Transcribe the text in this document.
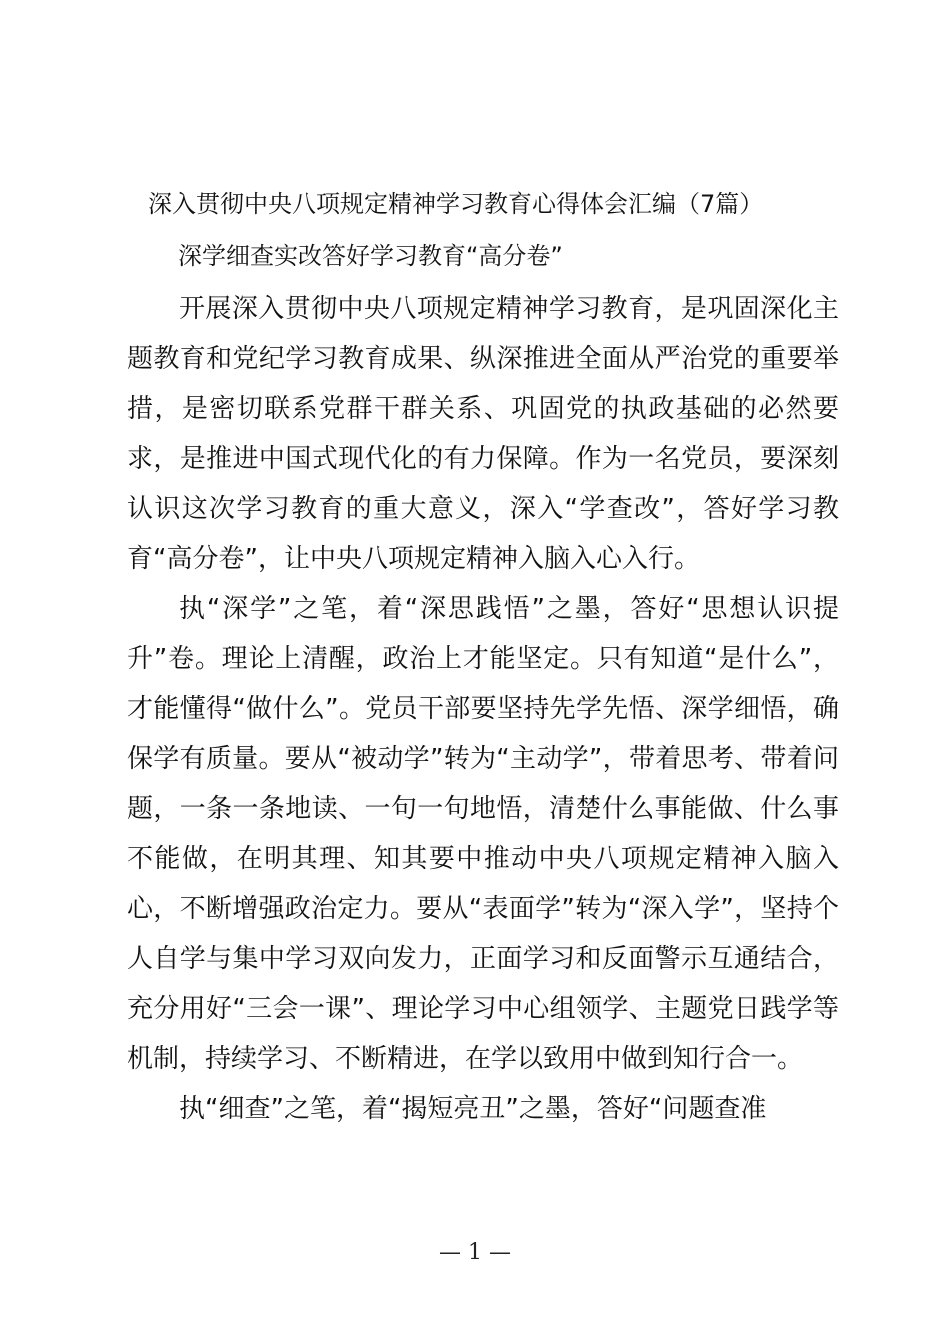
深入贯彻中央八项规定精神学习教育心得体会汇编（7篇）
深学细查实改答好学习教育“高分卷”

开展深入贯彻中央八项规定精神学习教育，是巩固深化主题教育和党纪学习教育成果、纵深推进全面从严治党的重要举措，是密切联系党群干群关系、巩固党的执政基础的必然要求，是推进中国式现代化的有力保障。作为一名党员，要深刻认识这次学习教育的重大意义，深入“学查改”，答好学习教育“高分卷”，让中央八项规定精神入脑入心入行。

执“深学”之笔，着“深思践悟”之墨，答好“思想认识提升”卷。理论上清醒，政治上才能坚定。只有知道“是什么”，才能懂得“做什么”。党员干部要坚持先学先悟、深学细悟，确保学有质量。要从“被动学”转为“主动学”，带着思考、带着问题，一条一条地读、一句一句地悟，清楚什么事能做、什么事不能做，在明其理、知其要中推动中央八项规定精神入脑入心，不断增强政治定力。要从“表面学”转为“深入学”，坚持个人自学与集中学习双向发力，正面学习和反面警示互通结合，充分用好“三会一课”、理论学习中心组领学、主题党日践学等机制，持续学习、不断精进，在学以致用中做到知行合一。

执“细查”之笔，着“揭短亮丑”之墨，答好“问题查准

— 1 —
